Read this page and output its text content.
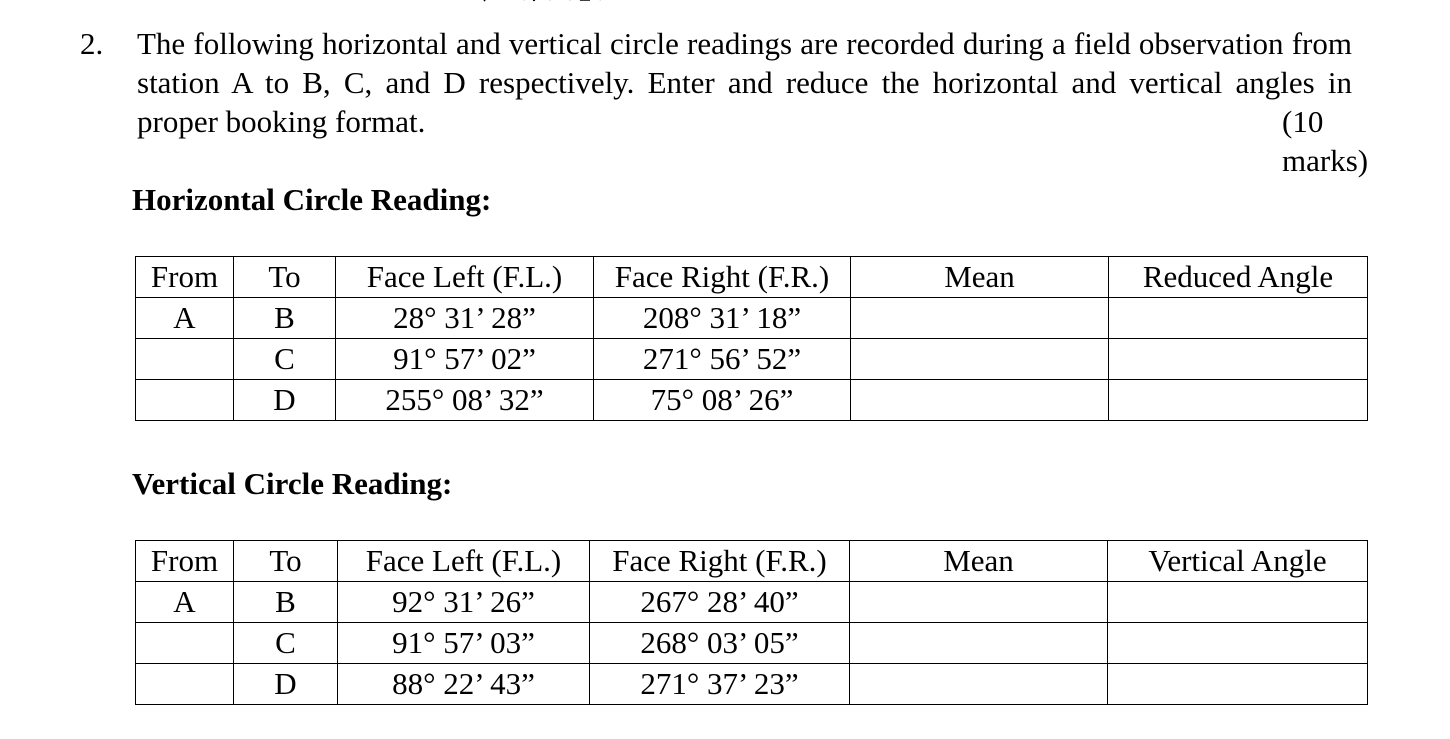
2. The following horizontal and vertical circle readings are recorded during a field observation from station A to B, C, and D respectively. Enter and reduce the horizontal and vertical angles in proper booking format.	(10 marks)
Horizontal Circle Reading:
From	To	Face Left (F.L.)	Face Right (F.R.)	Mean	Reduced Angle
A	B	28° 31’ 28”	208° 31’ 18”		
	C	91° 57’ 02”	271° 56’ 52”		
	D	255° 08’ 32”	75° 08’ 26”		
Vertical Circle Reading:
From	To	Face Left (F.L.)	Face Right (F.R.)	Mean	Vertical Angle
A	B	92° 31’ 26”	267° 28’ 40”		
	C	91° 57’ 03”	268° 03’ 05”		
	D	88° 22’ 43”	271° 37’ 23”		
